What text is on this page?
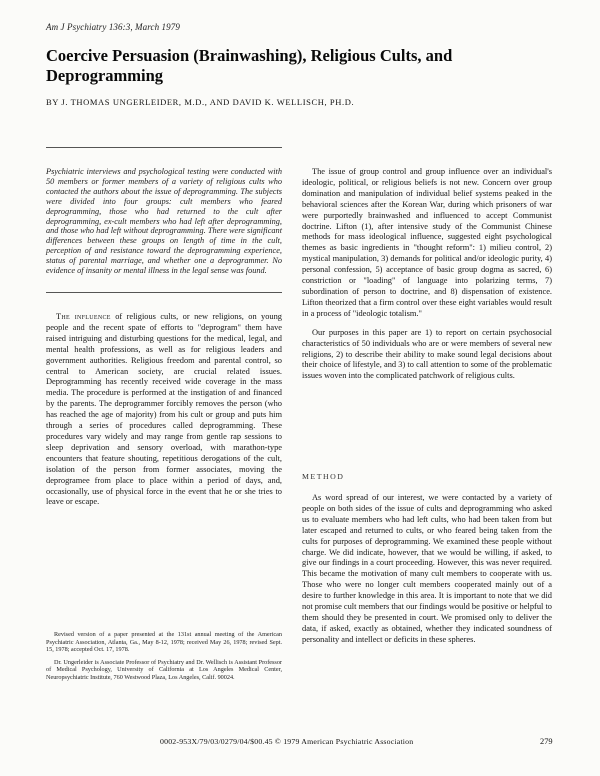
Am J Psychiatry 136:3, March 1979
Coercive Persuasion (Brainwashing), Religious Cults, and Deprogramming
BY J. THOMAS UNGERLEIDER, M.D., AND DAVID K. WELLISCH, PH.D.
Psychiatric interviews and psychological testing were conducted with 50 members or former members of a variety of religious cults who contacted the authors about the issue of deprogramming. The subjects were divided into four groups: cult members who feared deprogramming, those who had returned to the cult after deprogramming, ex-cult members who had left after deprogramming, and those who had left without deprogramming. There were significant differences between these groups on length of time in the cult, perception of and resistance toward the deprogramming experience, status of parental marriage, and whether one a deprogrammer. No evidence of insanity or mental illness in the legal sense was found.

The influence of religious cults, or new religions, on young people and the recent spate of efforts to "deprogram" them have raised intriguing and disturbing questions for the medical, legal, and mental health professions, as well as for religious leaders and government authorities. Religious freedom and parental control, so central to American society, are crucial related issues. Deprogramming has recently received wide coverage in the mass media. The procedure is performed at the instigation of and financed by the parents. The deprogrammer forcibly removes the person (who has reached the age of majority) from his cult or group and puts him through a series of procedures called deprogramming. These procedures vary widely and may range from gentle rap sessions to sleep deprivation and sensory overload, with marathon-type encounters that feature shouting, repetitious derogations of the cult, isolation of the person from former associates, moving the deprogramee from place to place within a period of days, and, occasionally, use of physical force in the event that he or she tries to leave or escape.

The issue of group control and group influence over an individual's ideologic, political, or religious beliefs is not new. Concern over group domination and manipulation of individual belief systems peaked in the behavioral sciences after the Korean War, during which prisoners of war were purportedly brainwashed and influenced to accept Communist doctrine. Lifton (1), after intensive study of the Communist Chinese methods for mass ideological influence, suggested eight psychological themes as basic ingredients in "thought reform": 1) milieu control, 2) mystical manipulation, 3) demands for political and/or ideologic purity, 4) personal confession, 5) acceptance of basic group dogma as sacred, 6) constriction or "loading" of language into polarizing terms, 7) subordination of person to doctrine, and 8) dispensation of existence. Lifton theorized that a firm control over these eight variables would result in a process of "ideologic totalism."

Our purposes in this paper are 1) to report on certain psychosocial characteristics of 50 individuals who are or were members of several new religions, 2) to describe their ability to make sound legal decisions about their choice of lifestyle, and 3) to call attention to some of the problematic issues woven into the complicated patchwork of religious cults.

METHOD

As word spread of our interest, we were contacted by a variety of people on both sides of the issue of cults and deprogramming who asked us to evaluate members who had left cults, who had been taken from but later escaped and returned to cults, or who feared being taken from the cults for purposes of deprogramming. We examined these people without charge. We did indicate, however, that we would be willing, if asked, to give our findings in a court proceeding. However, this was never required. This became the motivation of many cult members to cooperate with us. Those who were no longer cult members cooperated mainly out of a desire to further knowledge in this area. It is important to note that we did not promise cult members that our findings would be positive or helpful to them should they be presented in court. We promised only to deliver the data, if asked, exactly as obtained, whether they indicated soundness of personality and intellect or deficits in these spheres.

Revised version of a paper presented at the 131st annual meeting of the American Psychiatric Association, Atlanta, Ga., May 8-12, 1978; received May 26, 1978; revised Sept. 15, 1978; accepted Oct. 17, 1978.

Dr. Ungerleider is Associate Professor of Psychiatry and Dr. Wellisch is Assistant Professor of Medical Psychology, University of California at Los Angeles Medical Center, Neuropsychiatric Institute, 760 Westwood Plaza, Los Angeles, Calif. 90024.

0002-953X/79/03/0279/04/$00.45 © 1979 American Psychiatric Association	279
